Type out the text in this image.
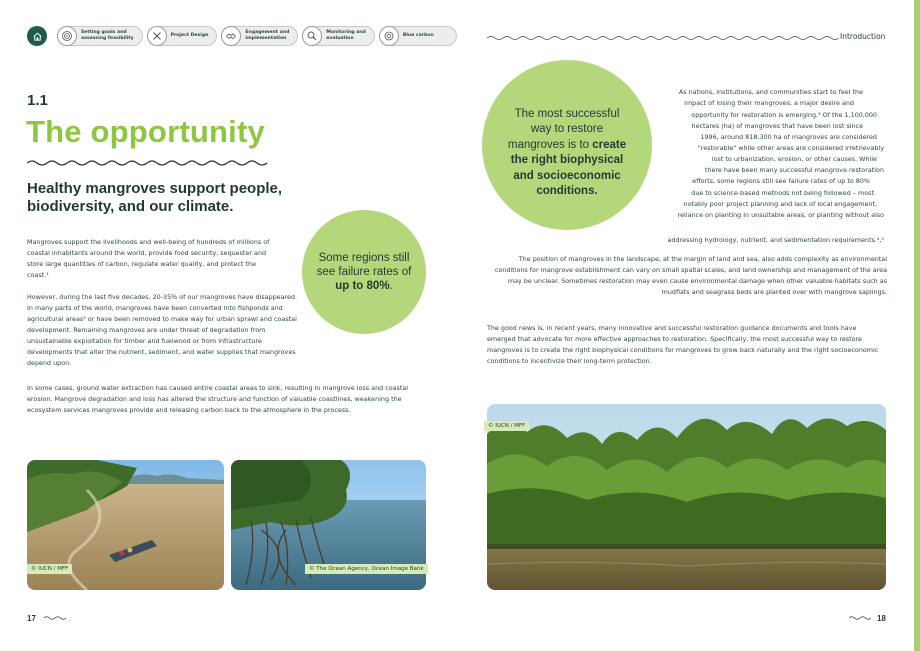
Setting goals and
assessing feasibility
Project Design
Engagement and
implementation
Monitoring and
evaluation
Blue carbon	Introduction
1.1
The opportunity
Healthy mangroves support people, biodiversity, and our climate.
Mangroves support the livelihoods and well-being of hundreds of millions of coastal inhabitants around the world, provide food security, sequester and store large quantities of carbon, regulate water quality, and protect the coast.¹
However, during the last five decades, 20-35% of our mangroves have disappeared. In many parts of the world, mangroves have been converted into fishponds and agricultural areas² or have been removed to make way for urban sprawl and coastal development. Remaining mangroves are under threat of degradation from unsustainable exploitation for timber and fuelwood or from infrastructure developments that alter the nutrient, sediment, and water supplies that mangroves depend upon.
In some cases, ground water extraction has caused entire coastal areas to sink, resulting in mangrove loss and coastal erosion. Mangrove degradation and loss has altered the structure and function of valuable coastlines, weakening the ecosystem services mangroves provide and releasing carbon back to the atmosphere in the process.
Some regions still see failure rates of up to 80%.
© IUCN / MFF	© The Ocean Agency, Ocean Image Bank
The most successful way to restore mangroves is to create the right biophysical and socioeconomic conditions.
As nations, institutions, and communities start to feel the
impact of losing their mangroves, a major desire and
opportunity for restoration is emerging.³ Of the 1,100,000
hectares (ha) of mangroves that have been lost since
1996, around 818,300 ha of mangroves are considered
"restorable" while other areas are considered irretrievably
lost to urbanization, erosion, or other causes. While
there have been many successful mangrove restoration
efforts, some regions still see failure rates of up to 80%
due to science-based methods not being followed – most
notably poor project planning and lack of local engagement,
reliance on planting in unsuitable areas, or planting without also
addressing hydrology, nutrient, and sedimentation requirements.⁴,⁵
The position of mangroves in the landscape, at the margin of land and sea, also adds complexity as environmental conditions for mangrove establishment can vary on small spatial scales, and land ownership and management of the area may be unclear. Sometimes restoration may even cause environmental damage when other valuable habitats such as mudflats and seagrass beds are planted over with mangrove saplings.
The good news is, in recent years, many innovative and successful restoration guidance documents and tools have emerged that advocate for more effective approaches to restoration. Specifically, the most successful way to restore mangroves is to create the right biophysical conditions for mangroves to grow back naturally and the right socioeconomic conditions to incentivize their long-term protection.
© IUCN / MFF
17	18
